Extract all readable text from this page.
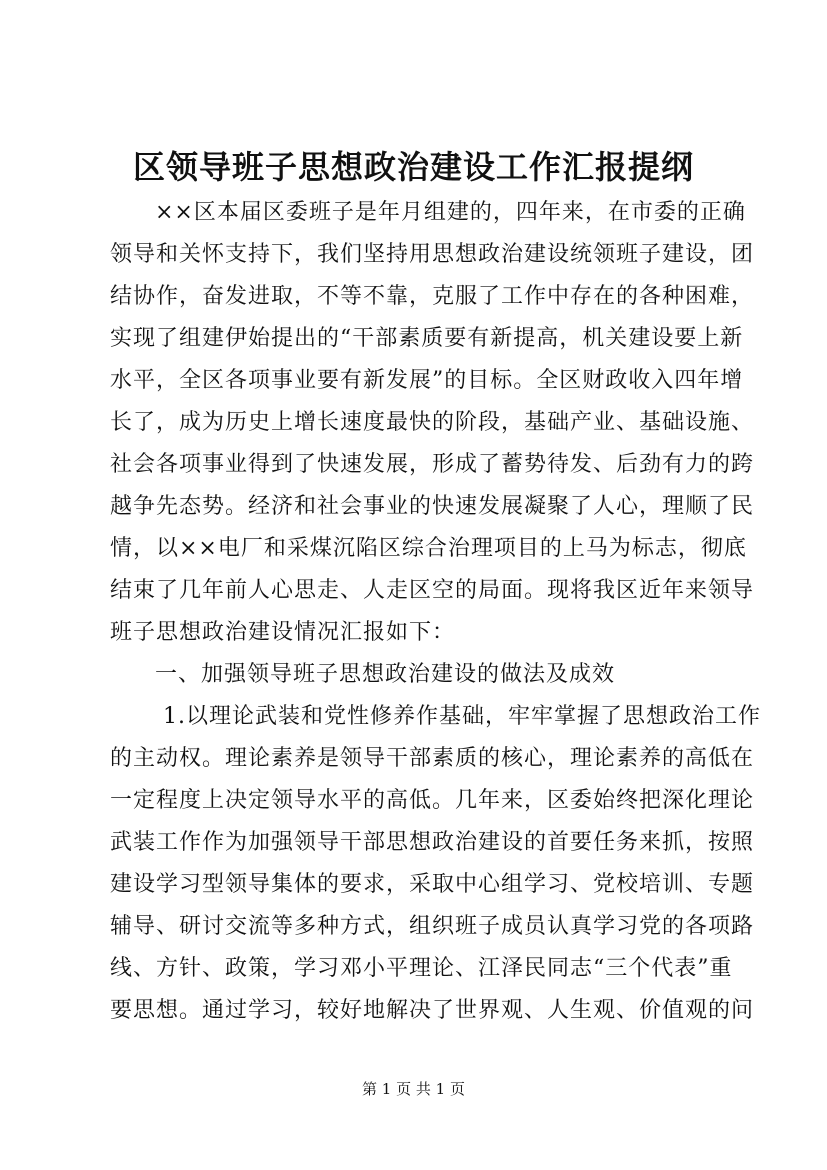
区领导班子思想政治建设工作汇报提纲
××区本届区委班子是年月组建的，四年来，在市委的正确
领导和关怀支持下，我们坚持用思想政治建设统领班子建设，团
结协作，奋发进取，不等不靠，克服了工作中存在的各种困难，
实现了组建伊始提出的“干部素质要有新提高，机关建设要上新
水平，全区各项事业要有新发展”的目标。全区财政收入四年增
长了，成为历史上增长速度最快的阶段，基础产业、基础设施、
社会各项事业得到了快速发展，形成了蓄势待发、后劲有力的跨
越争先态势。经济和社会事业的快速发展凝聚了人心，理顺了民
情，以××电厂和采煤沉陷区综合治理项目的上马为标志，彻底
结束了几年前人心思走、人走区空的局面。现将我区近年来领导
班子思想政治建设情况汇报如下：
一、加强领导班子思想政治建设的做法及成效
1.以理论武装和党性修养作基础，牢牢掌握了思想政治工作
的主动权。理论素养是领导干部素质的核心，理论素养的高低在
一定程度上决定领导水平的高低。几年来，区委始终把深化理论
武装工作作为加强领导干部思想政治建设的首要任务来抓，按照
建设学习型领导集体的要求，采取中心组学习、党校培训、专题
辅导、研讨交流等多种方式，组织班子成员认真学习党的各项路
线、方针、政策，学习邓小平理论、江泽民同志“三个代表”重
要思想。通过学习，较好地解决了世界观、人生观、价值观的问
第 1 页 共 1 页
